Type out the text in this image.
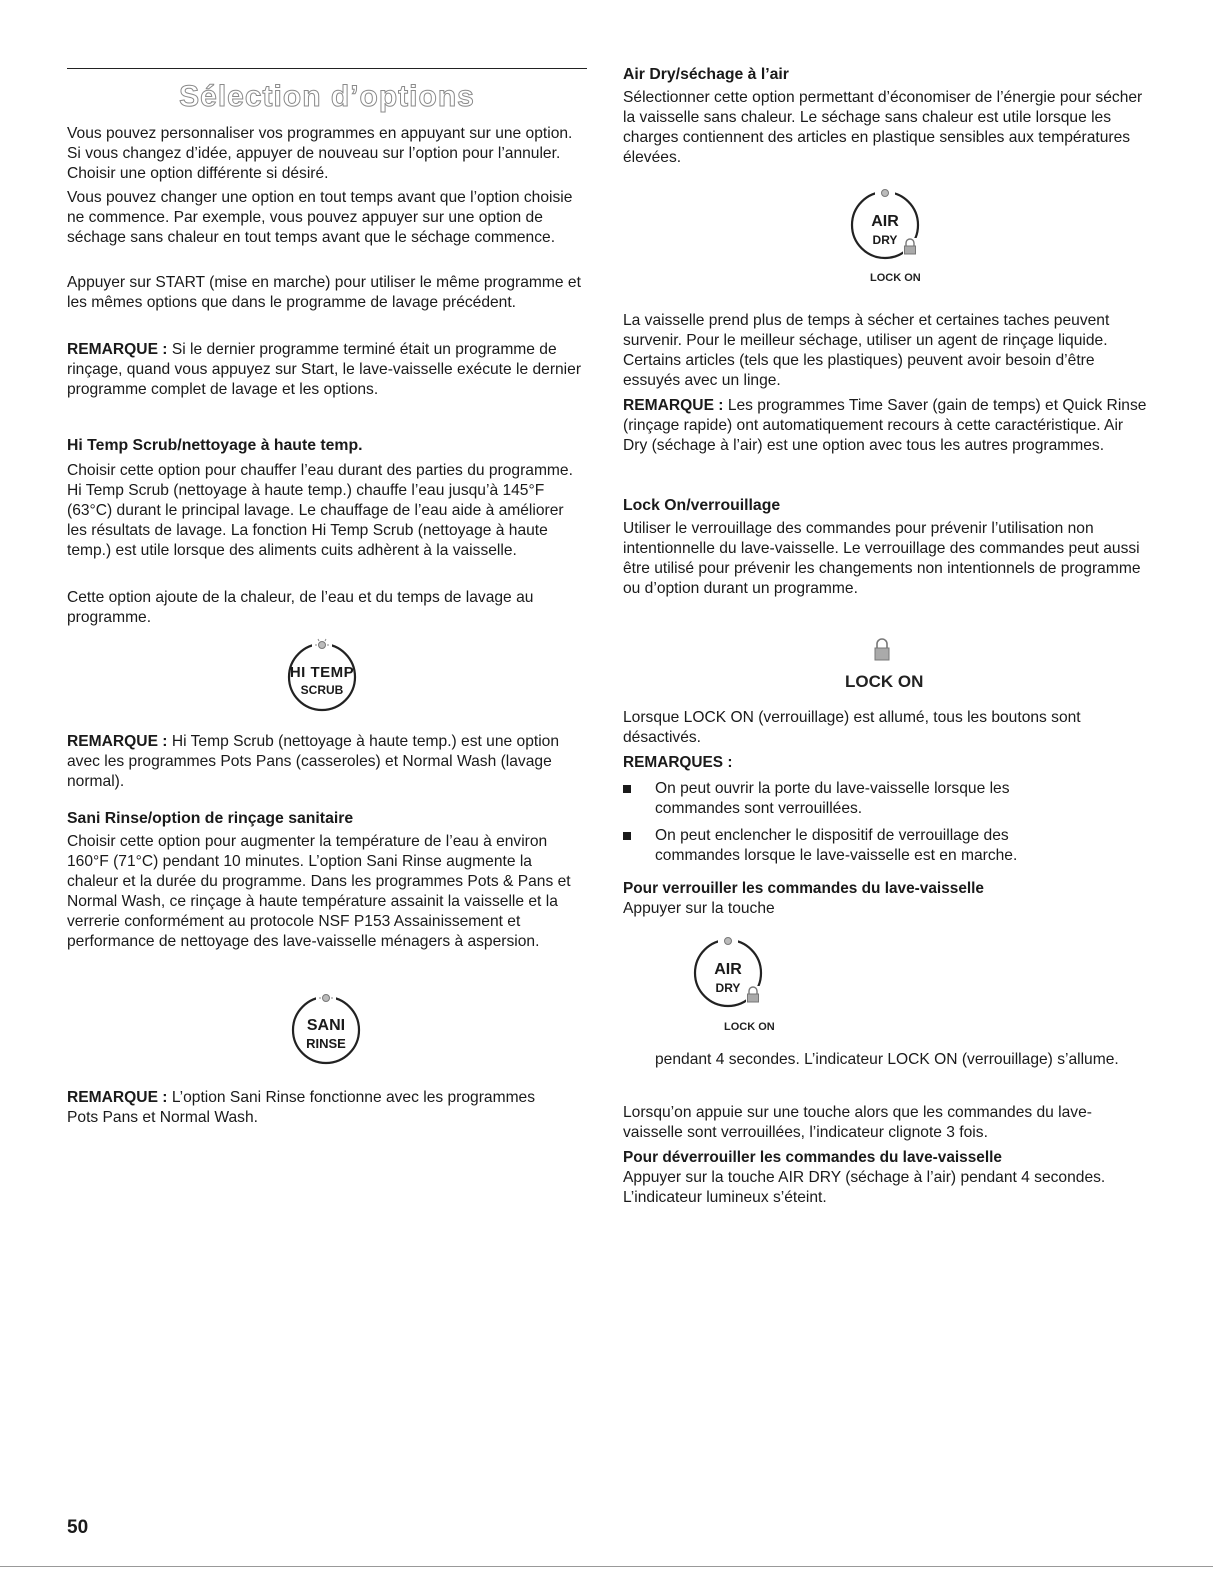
Sélection d’options

Vous pouvez personnaliser vos programmes en appuyant sur une option. Si vous changez d’idée, appuyer de nouveau sur l’option pour l’annuler. Choisir une option différente si désiré.

Vous pouvez changer une option en tout temps avant que l’option choisie ne commence. Par exemple, vous pouvez appuyer sur une option de séchage sans chaleur en tout temps avant que le séchage commence.

Appuyer sur START (mise en marche) pour utiliser le même programme et les mêmes options que dans le programme de lavage précédent.

REMARQUE : Si le dernier programme terminé était un programme de rinçage, quand vous appuyez sur Start, le lave-vaisselle exécute le dernier programme complet de lavage et les options.

Hi Temp Scrub/nettoyage à haute temp.

Choisir cette option pour chauffer l’eau durant des parties du programme. Hi Temp Scrub (nettoyage à haute temp.) chauffe l’eau jusqu’à 145°F (63°C) durant le principal lavage. Le chauffage de l’eau aide à améliorer les résultats de lavage. La fonction Hi Temp Scrub (nettoyage à haute temp.) est utile lorsque des aliments cuits adhèrent à la vaisselle.

Cette option ajoute de la chaleur, de l’eau et du temps de lavage au programme.

HI TEMP
SCRUB

REMARQUE : Hi Temp Scrub (nettoyage à haute temp.) est une option avec les programmes Pots Pans (casseroles) et Normal Wash (lavage normal).

Sani Rinse/option de rinçage sanitaire

Choisir cette option pour augmenter la température de l’eau à environ 160°F (71°C) pendant 10 minutes. L’option Sani Rinse augmente la chaleur et la durée du programme. Dans les programmes Pots & Pans et Normal Wash, ce rinçage à haute température assainit la vaisselle et la verrerie conformément au protocole NSF P153 Assainissement et performance de nettoyage des lave-vaisselle ménagers à aspersion.

SANI
RINSE

REMARQUE : L’option Sani Rinse fonctionne avec les programmes Pots Pans et Normal Wash.

Air Dry/séchage à l’air

Sélectionner cette option permettant d’économiser de l’énergie pour sécher la vaisselle sans chaleur. Le séchage sans chaleur est utile lorsque les charges contiennent des articles en plastique sensibles aux températures élevées.

AIR
DRY
LOCK ON

La vaisselle prend plus de temps à sécher et certaines taches peuvent survenir. Pour le meilleur séchage, utiliser un agent de rinçage liquide. Certains articles (tels que les plastiques) peuvent avoir besoin d’être essuyés avec un linge.

REMARQUE : Les programmes Time Saver (gain de temps) et Quick Rinse (rinçage rapide) ont automatiquement recours à cette caractéristique. Air Dry (séchage à l’air) est une option avec tous les autres programmes.

Lock On/verrouillage

Utiliser le verrouillage des commandes pour prévenir l’utilisation non intentionnelle du lave-vaisselle. Le verrouillage des commandes peut aussi être utilisé pour prévenir les changements non intentionnels de programme ou d’option durant un programme.

LOCK ON

Lorsque LOCK ON (verrouillage) est allumé, tous les boutons sont désactivés.

REMARQUES :
On peut ouvrir la porte du lave-vaisselle lorsque les commandes sont verrouillées.
On peut enclencher le dispositif de verrouillage des commandes lorsque le lave-vaisselle est en marche.
Pour verrouiller les commandes du lave-vaisselle

Appuyer sur la touche

AIR
DRY
LOCK ON

pendant 4 secondes. L’indicateur LOCK ON (verrouillage) s’allume.

Lorsqu’on appuie sur une touche alors que les commandes du lave-vaisselle sont verrouillées, l’indicateur clignote 3 fois.

Pour déverrouiller les commandes du lave-vaisselle

Appuyer sur la touche AIR DRY (séchage à l’air) pendant 4 secondes. L’indicateur lumineux s’éteint.

50
